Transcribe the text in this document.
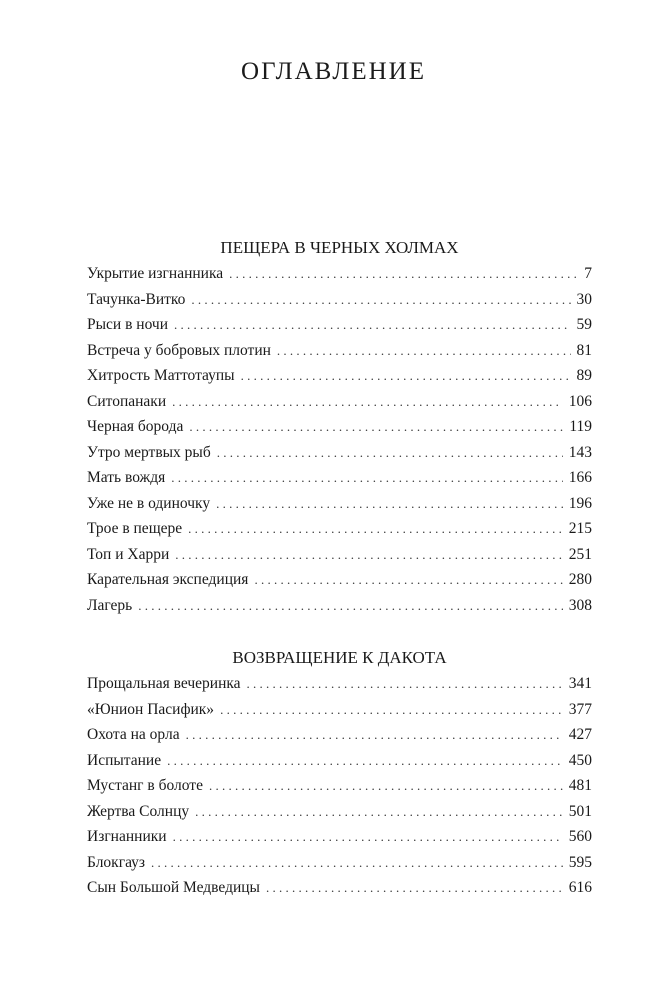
ОГЛАВЛЕНИЕ
ПЕЩЕРА В ЧЕРНЫХ ХОЛМАХ
Укрытие изгнанника . . .	7
Тачунка-Витко . . .	30
Рыси в ночи . . .	59
Встреча у бобровых плотин . . .	81
Хитрость Маттотаупы . . .	89
Ситопанаки . . .	106
Черная борода . . .	119
Утро мертвых рыб . . .	143
Мать вождя . . .	166
Уже не в одиночку . . .	196
Трое в пещере . . .	215
Топ и Харри . . .	251
Карательная экспедиция . . .	280
Лагерь . . .	308
ВОЗВРАЩЕНИЕ К ДАКОТА
Прощальная вечеринка . . .	341
«Юнион Пасифик» . . .	377
Охота на орла . . .	427
Испытание . . .	450
Мустанг в болоте . . .	481
Жертва Солнцу . . .	501
Изгнанники . . .	560
Блокгауз . . .	595
Сын Большой Медведицы . . .	616
